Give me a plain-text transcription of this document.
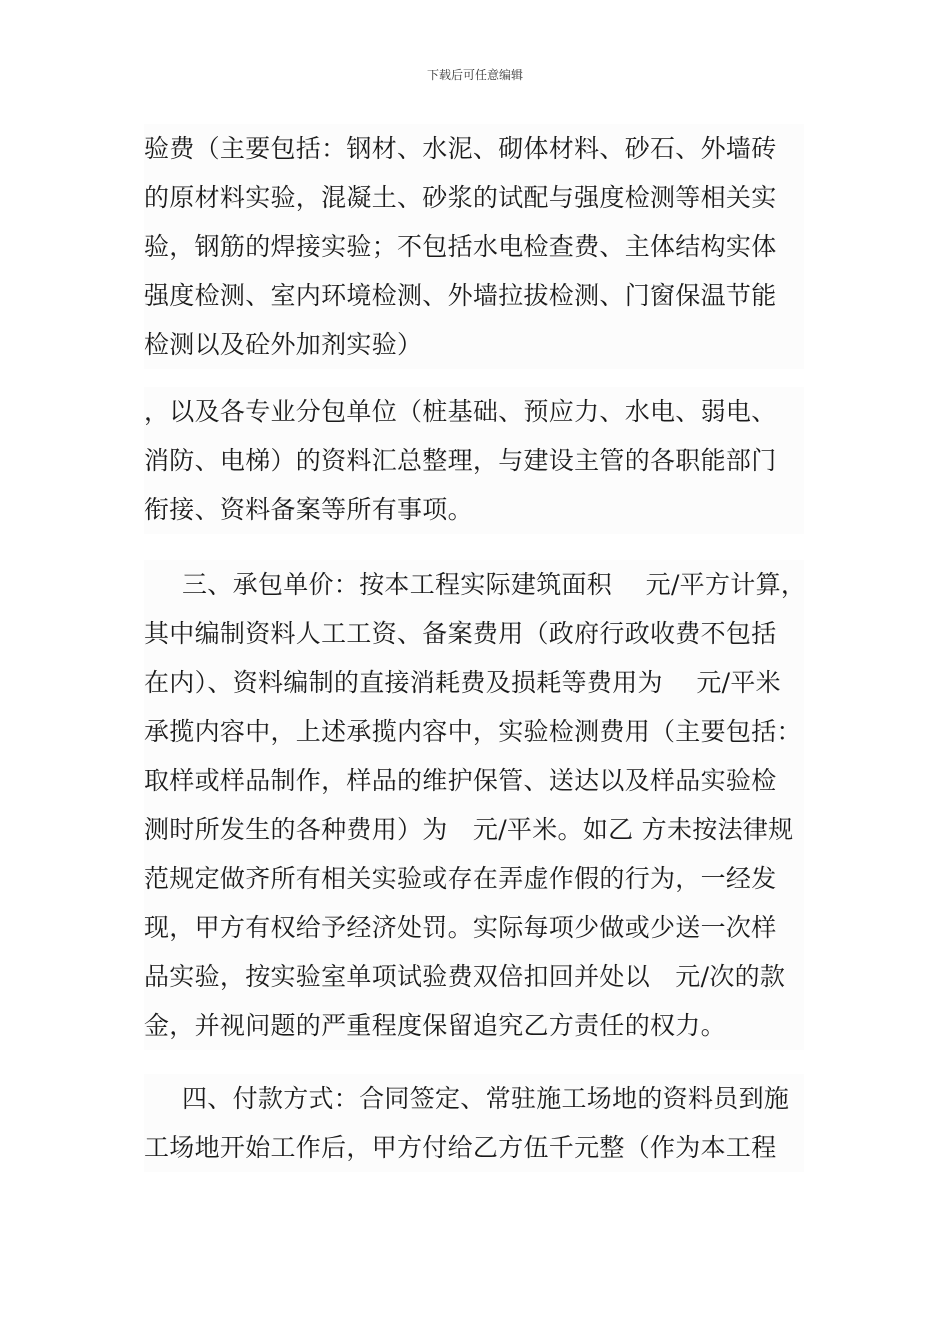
下载后可任意编辑
验费（主要包括：钢材、水泥、砌体材料、砂石、外墙砖
的原材料实验，混凝土、砂浆的试配与强度检测等相关实
验，钢筋的焊接实验；不包括水电检查费、主体结构实体
强度检测、室内环境检测、外墙拉拔检测、门窗保温节能
检测以及砼外加剂实验）
，以及各专业分包单位（桩基础、预应力、水电、弱电、
消防、电梯）的资料汇总整理，与建设主管的各职能部门
衔接、资料备案等所有事项。
三、承包单价：按本工程实际建筑面积　 元/平方计算，
其中编制资料人工工资、备案费用（政府行政收费不包括
在内）、资料编制的直接消耗费及损耗等费用为　 元/平米
承揽内容中，上述承揽内容中，实验检测费用（主要包括：
取样或样品制作，样品的维护保管、送达以及样品实验检
测时所发生的各种费用）为　元/平米。如乙 方未按法律规
范规定做齐所有相关实验或存在弄虚作假的行为，一经发
现，甲方有权给予经济处罚。实际每项少做或少送一次样
品实验，按实验室单项试验费双倍扣回并处以　元/次的款
金，并视问题的严重程度保留追究乙方责任的权力。
四、付款方式：合同签定、常驻施工场地的资料员到施
工场地开始工作后，甲方付给乙方伍千元整（作为本工程
